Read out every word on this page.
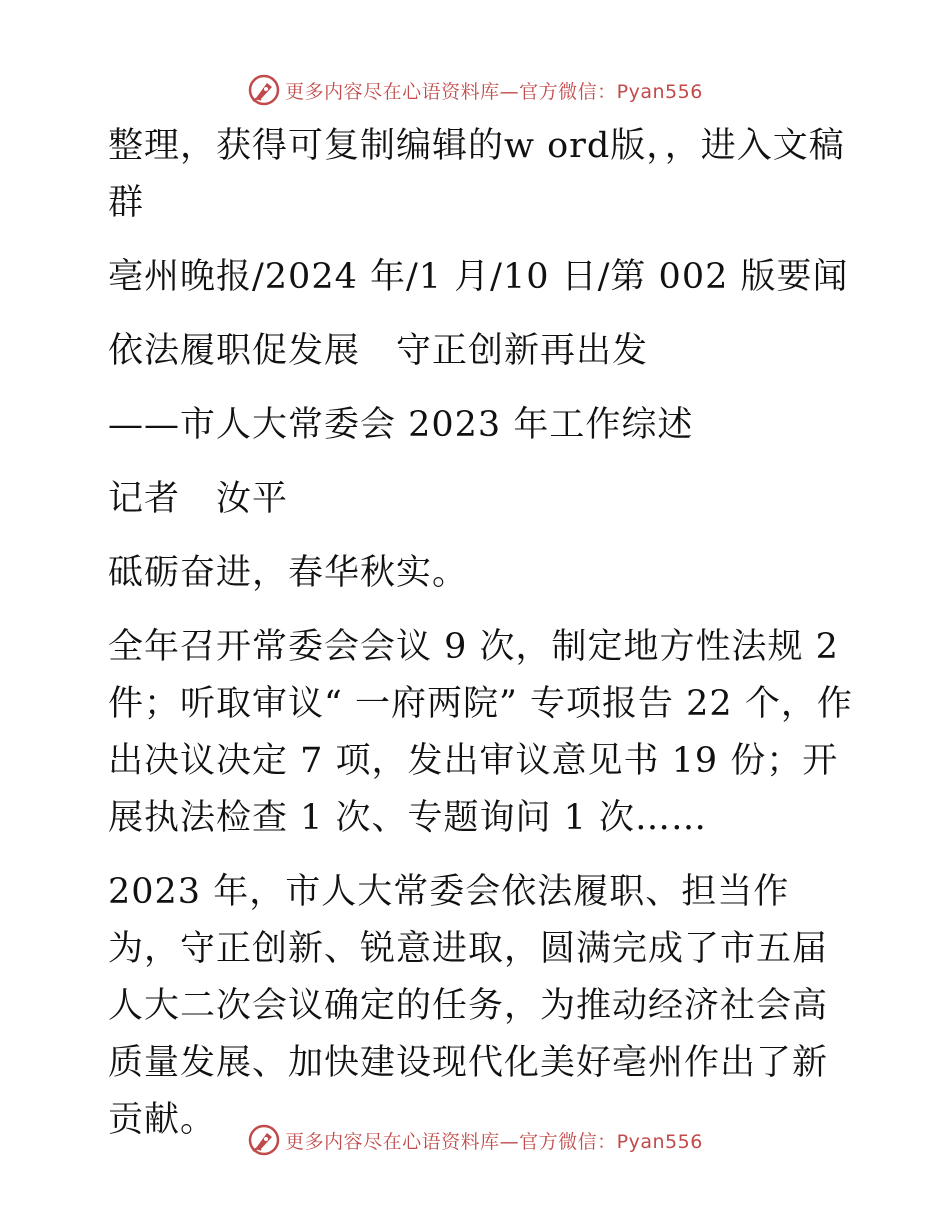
更多内容尽在心语资料库—官方微信：Pyan556

整理，获得可复制编辑的w ord版，，进入文稿群

亳州晚报/2024 年/1 月/10 日/第 002 版要闻

依法履职促发展　守正创新再出发

——市人大常委会 2023 年工作综述

记者　汝平

砥砺奋进，春华秋实。

全年召开常委会会议 9 次，制定地方性法规 2 件；听取审议“ 一府两院” 专项报告 22 个，作出决议决定 7 项，发出审议意见书 19 份；开展执法检查 1 次、专题询问 1 次……

2023 年，市人大常委会依法履职、担当作为，守正创新、锐意进取，圆满完成了市五届人大二次会议确定的任务，为推动经济社会高质量发展、加快建设现代化美好亳州作出了新贡献。

更多内容尽在心语资料库—官方微信：Pyan556
